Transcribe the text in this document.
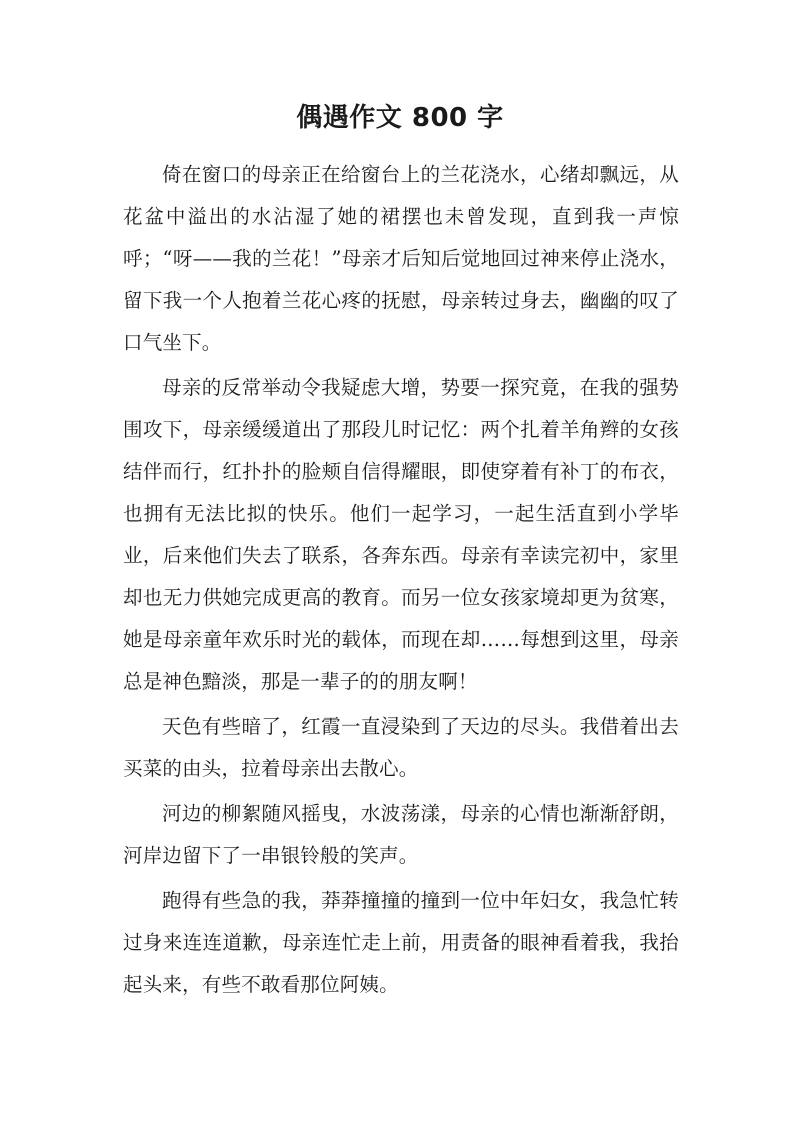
偶遇作文 800 字

倚在窗口的母亲正在给窗台上的兰花浇水，心绪却飘远，从花盆中溢出的水沾湿了她的裙摆也未曾发现，直到我一声惊呼；“呀——我的兰花！”母亲才后知后觉地回过神来停止浇水，留下我一个人抱着兰花心疼的抚慰，母亲转过身去，幽幽的叹了口气坐下。

母亲的反常举动令我疑虑大增，势要一探究竟，在我的强势围攻下，母亲缓缓道出了那段儿时记忆：两个扎着羊角辫的女孩结伴而行，红扑扑的脸颊自信得耀眼，即使穿着有补丁的布衣，也拥有无法比拟的快乐。他们一起学习，一起生活直到小学毕业，后来他们失去了联系，各奔东西。母亲有幸读完初中，家里却也无力供她完成更高的教育。而另一位女孩家境却更为贫寒，她是母亲童年欢乐时光的载体，而现在却……每想到这里，母亲总是神色黯淡，那是一辈子的的朋友啊！

天色有些暗了，红霞一直浸染到了天边的尽头。我借着出去买菜的由头，拉着母亲出去散心。

河边的柳絮随风摇曳，水波荡漾，母亲的心情也渐渐舒朗，河岸边留下了一串银铃般的笑声。

跑得有些急的我，莽莽撞撞的撞到一位中年妇女，我急忙转过身来连连道歉，母亲连忙走上前，用责备的眼神看着我，我抬起头来，有些不敢看那位阿姨。
